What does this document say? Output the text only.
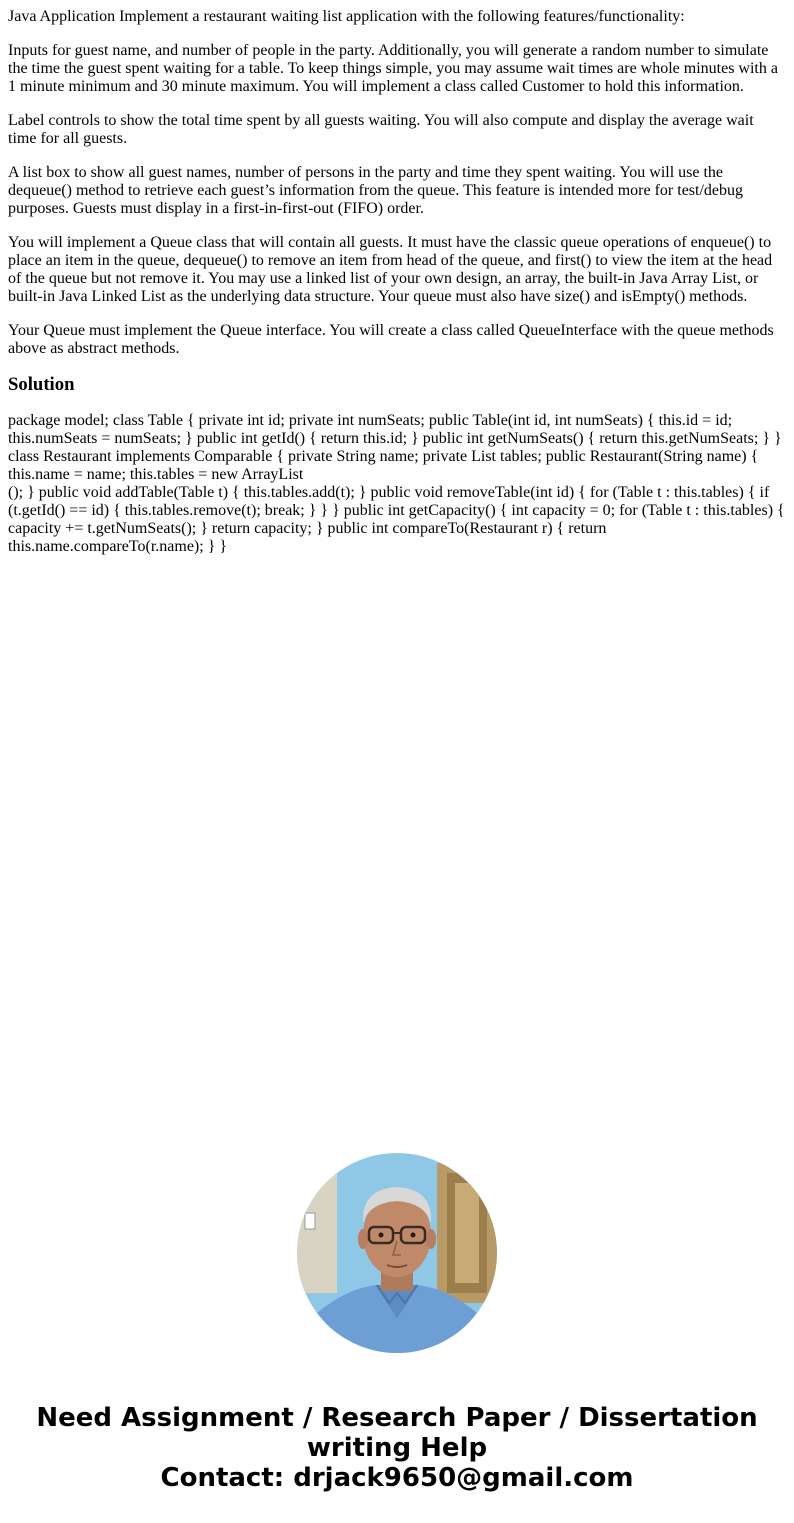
Java Application Implement a restaurant waiting list application with the following features/functionality:

Inputs for guest name, and number of people in the party. Additionally, you will generate a random number to simulate the time the guest spent waiting for a table. To keep things simple, you may assume wait times are whole minutes with a 1 minute minimum and 30 minute maximum. You will implement a class called Customer to hold this information.

Label controls to show the total time spent by all guests waiting. You will also compute and display the average wait time for all guests.

A list box to show all guest names, number of persons in the party and time they spent waiting. You will use the dequeue() method to retrieve each guest’s information from the queue. This feature is intended more for test/debug purposes. Guests must display in a first-in-first-out (FIFO) order.

You will implement a Queue class that will contain all guests. It must have the classic queue operations of enqueue() to place an item in the queue, dequeue() to remove an item from head of the queue, and first() to view the item at the head of the queue but not remove it. You may use a linked list of your own design, an array, the built-in Java Array List, or built-in Java Linked List as the underlying data structure. Your queue must also have size() and isEmpty() methods.

Your Queue must implement the Queue interface. You will create a class called QueueInterface with the queue methods above as abstract methods.

Solution
package model; class Table { private int id; private int numSeats; public Table(int id, int numSeats) { this.id = id; this.numSeats = numSeats; } public int getId() { return this.id; } public int getNumSeats() { return this.getNumSeats; } } class Restaurant implements Comparable { private String name; private List tables; public Restaurant(String name) { this.name = name; this.tables = new ArrayList
(); } public void addTable(Table t) { this.tables.add(t); } public void removeTable(int id) { for (Table t : this.tables) { if (t.getId() == id) { this.tables.remove(t); break; } } } public int getCapacity() { int capacity = 0; for (Table t : this.tables) { capacity += t.getNumSeats(); } return capacity; } public int compareTo(Restaurant r) { return this.name.compareTo(r.name); } }
Need Assignment / Research Paper / Dissertation
writing Help
Contact: drjack9650@gmail.com
